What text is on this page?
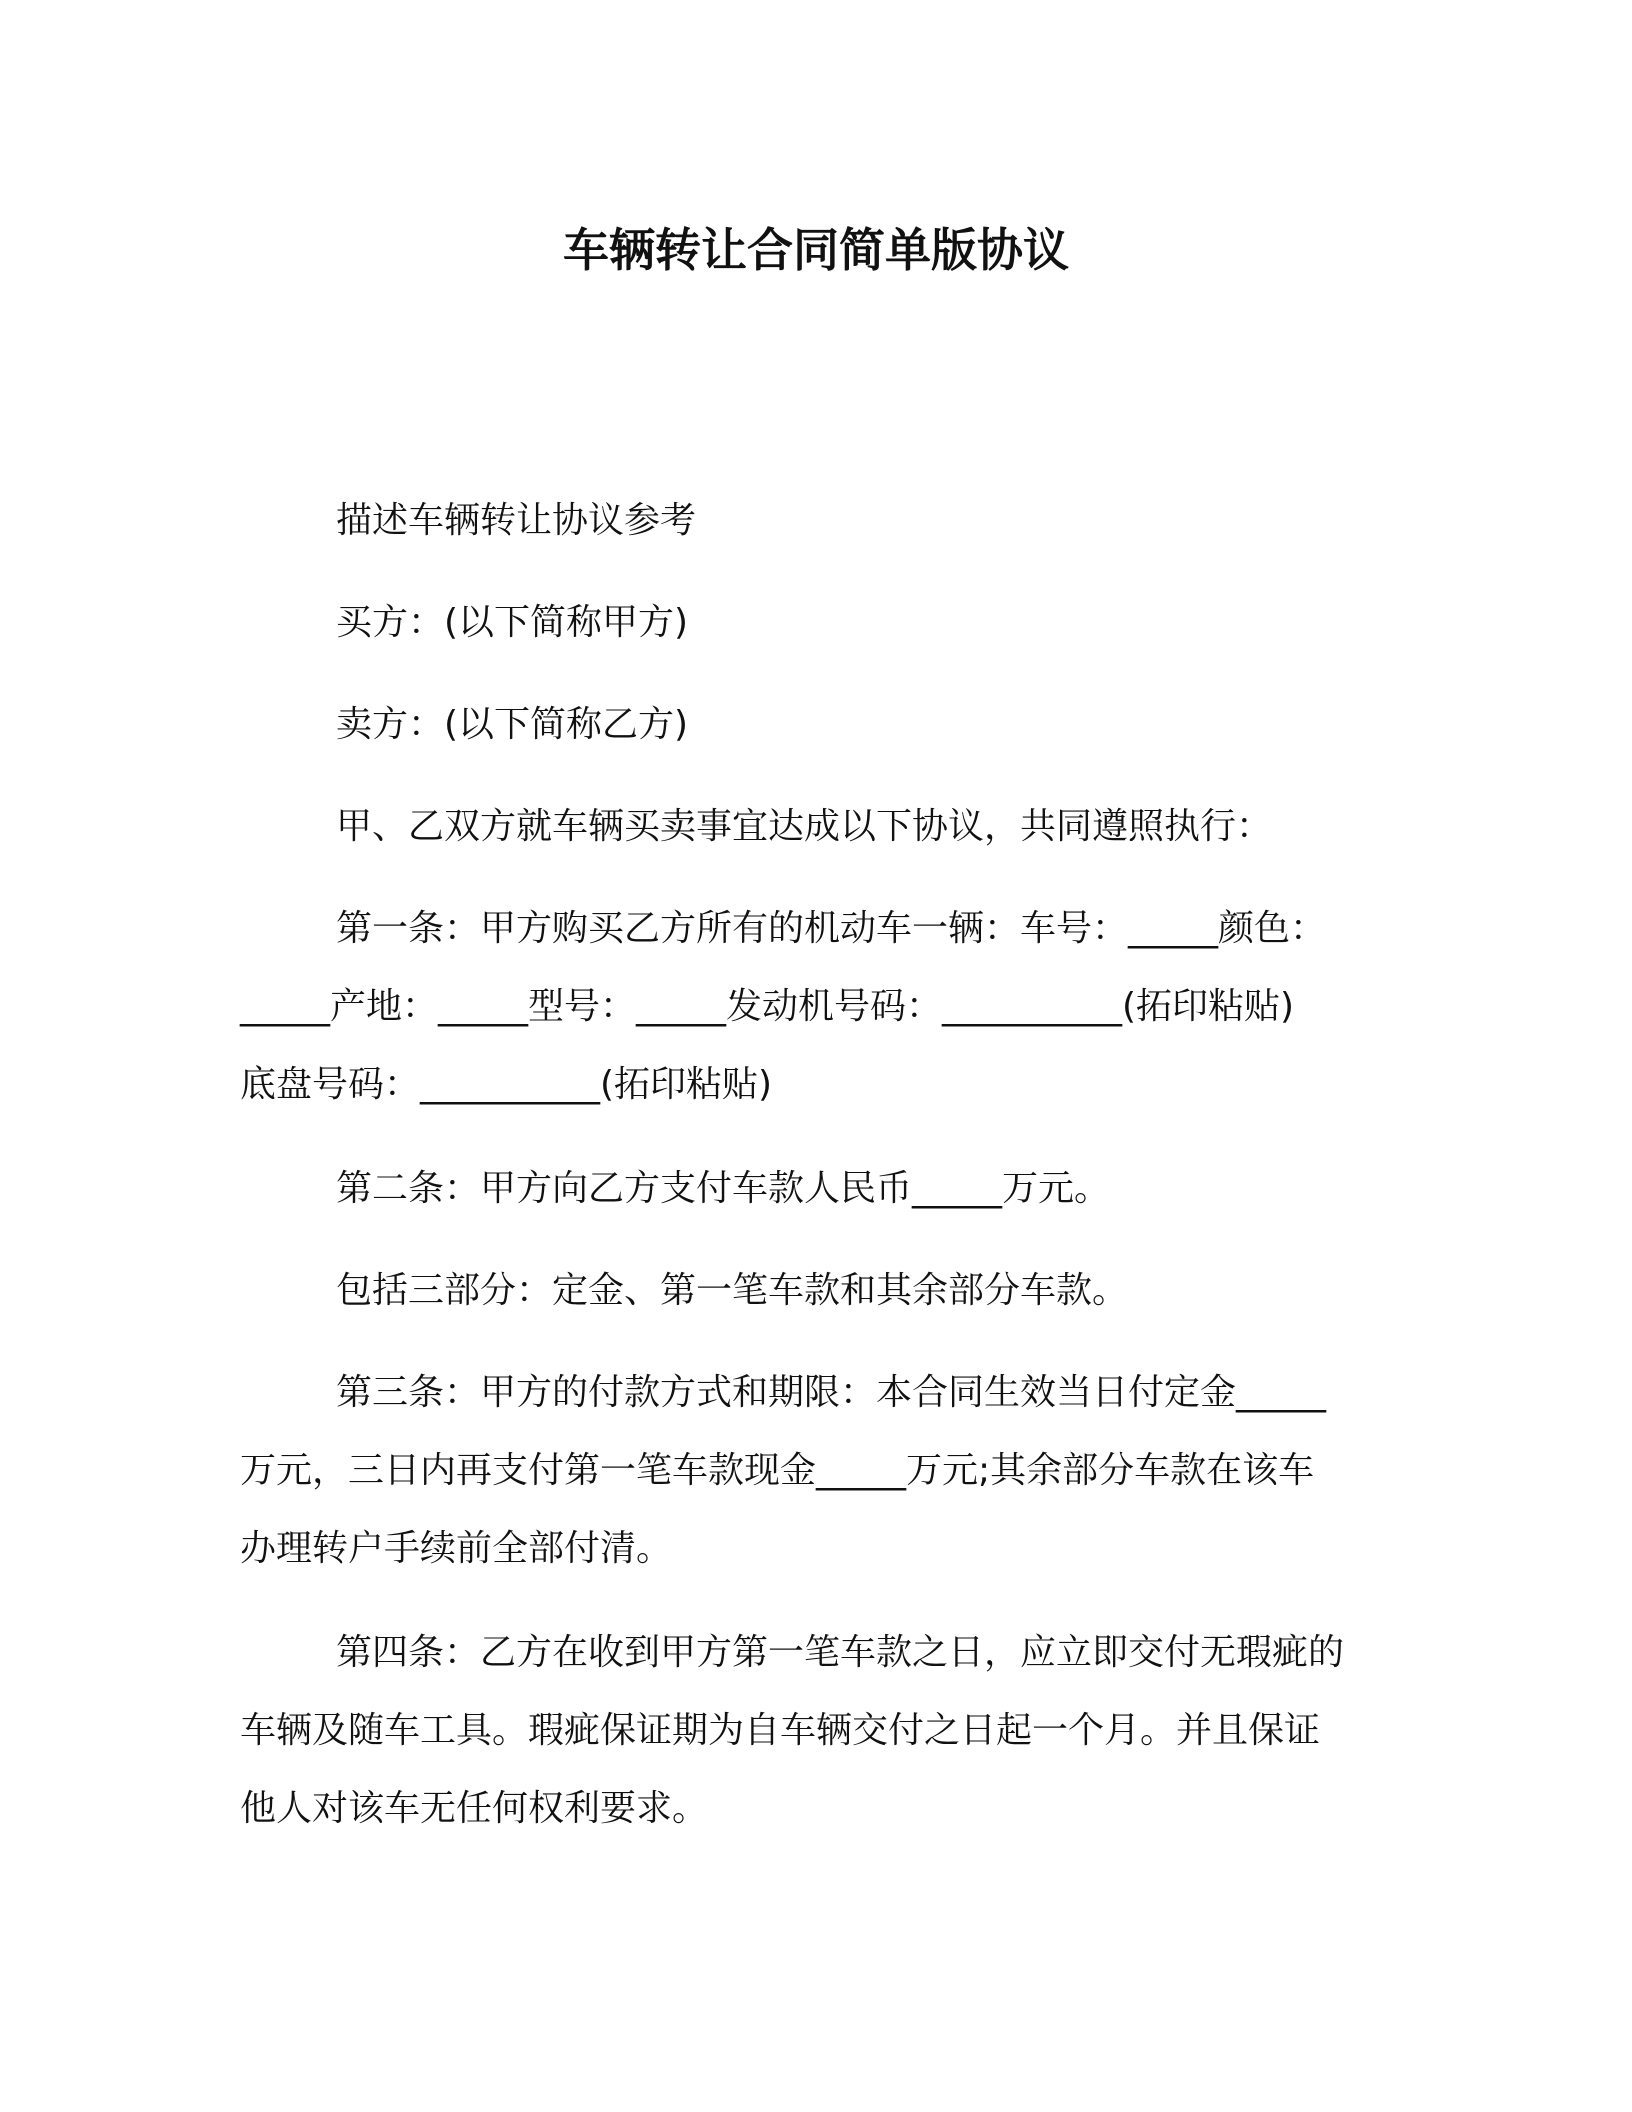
车辆转让合同简单版协议
描述车辆转让协议参考
买方：(以下简称甲方)
卖方：(以下简称乙方)
甲、乙双方就车辆买卖事宜达成以下协议，共同遵照执行：
第一条：甲方购买乙方所有的机动车一辆：车号：_____颜色：
_____产地：_____型号：_____发动机号码：__________(拓印粘贴)
底盘号码：__________(拓印粘贴)
第二条：甲方向乙方支付车款人民币_____万元。
包括三部分：定金、第一笔车款和其余部分车款。
第三条：甲方的付款方式和期限：本合同生效当日付定金_____
万元，三日内再支付第一笔车款现金_____万元;其余部分车款在该车
办理转户手续前全部付清。
第四条：乙方在收到甲方第一笔车款之日，应立即交付无瑕疵的
车辆及随车工具。瑕疵保证期为自车辆交付之日起一个月。并且保证
他人对该车无任何权利要求。
